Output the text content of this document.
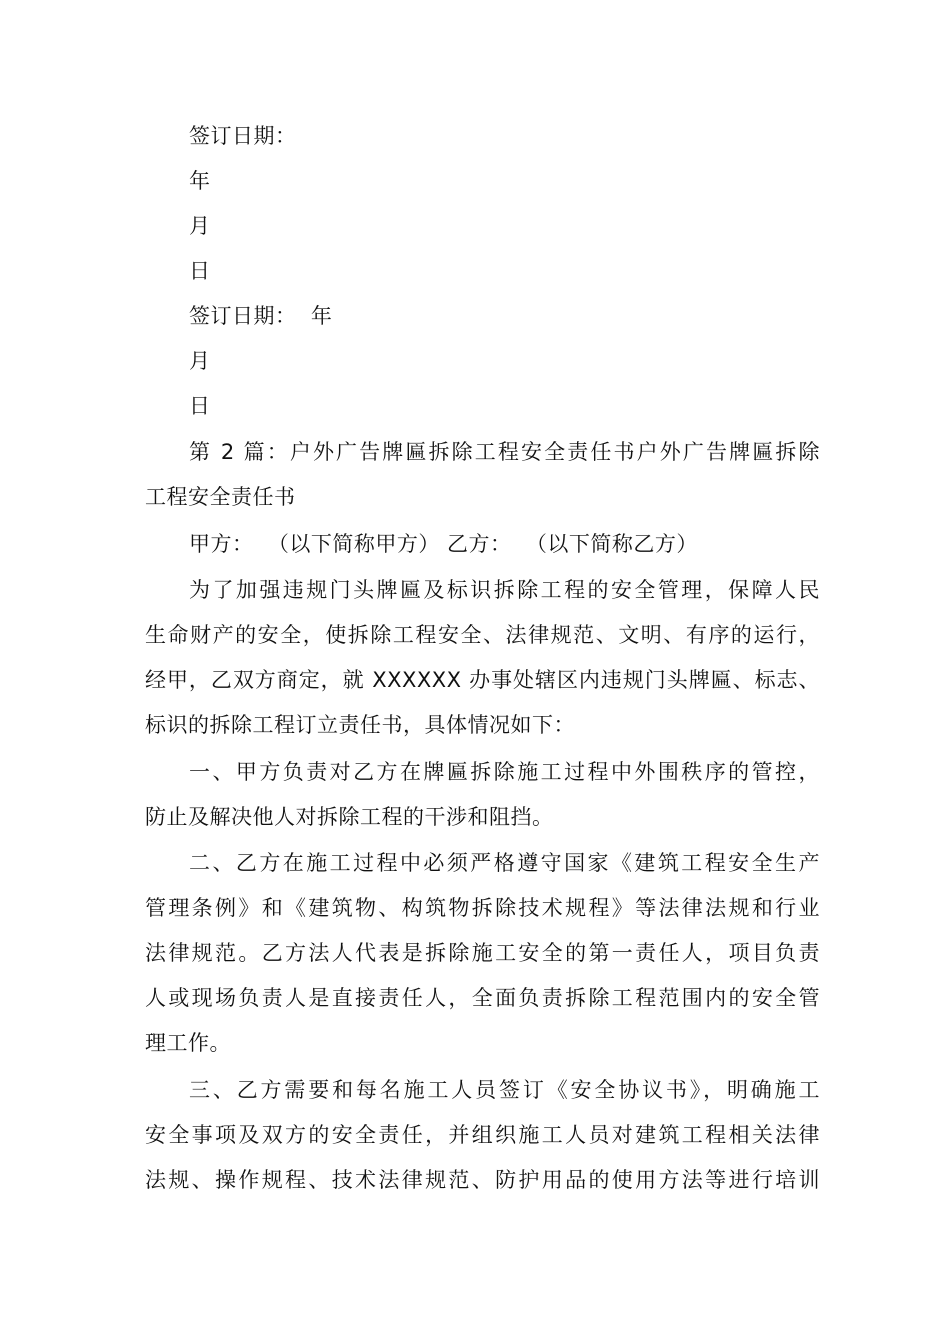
签订日期：
年
月
日
签订日期：  年
月
日
第 2 篇：户外广告牌匾拆除工程安全责任书户外广告牌匾拆除
工程安全责任书
甲方：  （以下简称甲方） 乙方：  （以下简称乙方）
为了加强违规门头牌匾及标识拆除工程的安全管理，保障人民
生命财产的安全，使拆除工程安全、法律规范、文明、有序的运行，
经甲，乙双方商定，就 XXXXXX 办事处辖区内违规门头牌匾、标志、
标识的拆除工程订立责任书，具体情况如下：
一、甲方负责对乙方在牌匾拆除施工过程中外围秩序的管控，
防止及解决他人对拆除工程的干涉和阻挡。
二、乙方在施工过程中必须严格遵守国家《建筑工程安全生产
管理条例》和《建筑物、构筑物拆除技术规程》等法律法规和行业
法律规范。乙方法人代表是拆除施工安全的第一责任人，项目负责
人或现场负责人是直接责任人，全面负责拆除工程范围内的安全管
理工作。
三、乙方需要和每名施工人员签订《安全协议书》，明确施工
安全事项及双方的安全责任，并组织施工人员对建筑工程相关法律
法规、操作规程、技术法律规范、防护用品的使用方法等进行培训
